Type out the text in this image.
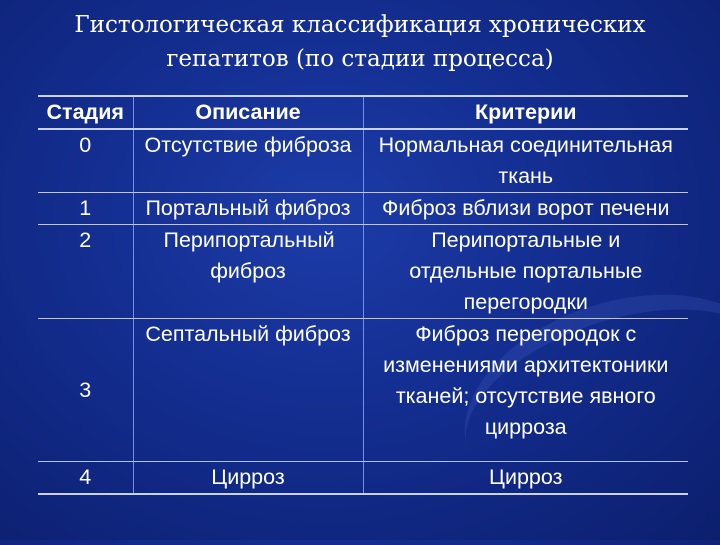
Гистологическая классификация хронических
гепатитов (по стадии процесса)
Стадия	Описание	Критерии
0	Отсутствие фиброза	Нормальная соединительная ткань
1	Портальный фиброз	Фиброз вблизи ворот печени
2	Перипортальный фиброз	Перипортальные и отдельные портальные перегородки
3	Септальный фиброз	Фиброз перегородок с изменениями архитектоники тканей; отсутствие явного цирроза
4	Цирроз	Цирроз
